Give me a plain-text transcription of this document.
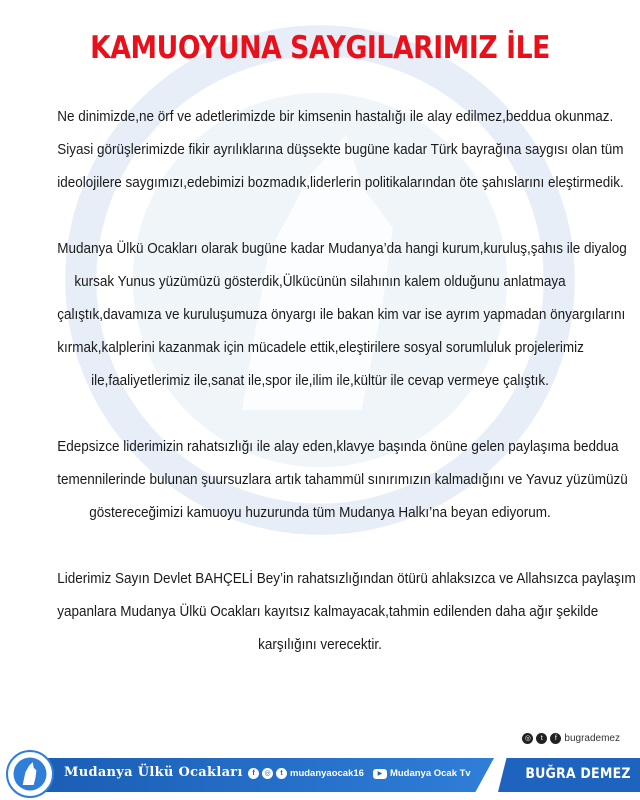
KAMUOYUNA SAYGILARIMIZ İLE

Ne dinimizde,ne örf ve adetlerimizde bir kimsenin hastalığı ile alay edilmez,beddua okunmaz.
Siyasi görüşlerimizde fikir ayrılıklarına düşsekte bugüne kadar Türk bayrağına saygısı olan tüm
ideolojilere saygımızı,edebimizi bozmadık,liderlerin politikalarından öte şahıslarını eleştirmedik.

Mudanya Ülkü Ocakları olarak bugüne kadar Mudanya’da hangi kurum,kuruluş,şahıs ile diyalog
kursak Yunus yüzümüzü gösterdik,Ülkücünün silahının kalem olduğunu anlatmaya
çalıştık,davamıza ve kuruluşumuza önyargı ile bakan kim var ise ayrım yapmadan önyargılarını
kırmak,kalplerini kazanmak için mücadele ettik,eleştirilere sosyal sorumluluk projelerimiz
ile,faaliyetlerimiz ile,sanat ile,spor ile,ilim ile,kültür ile cevap vermeye çalıştık.

Edepsizce liderimizin rahatsızlığı ile alay eden,klavye başında önüne gelen paylaşıma beddua
temennilerinde bulunan şuursuzlara artık tahammül sınırımızın kalmadığını ve Yavuz yüzümüzü
göstereceğimizi kamuoyu huzurunda tüm Mudanya Halkı’na beyan ediyorum.

Liderimiz Sayın Devlet BAHÇELİ Bey’in rahatsızlığından ötürü ahlaksızca ve Allahsızca paylaşım
yapanlara Mudanya Ülkü Ocakları kayıtsız kalmayacak,tahmin edilenden daha ağır şekilde
karşılığını verecektir.

◎	t	f bugrademez
Mudanya Ülkü Ocakları	f	◎	t mudanyaocak16	▶ Mudanya Ocak Tv	BUĞRA DEMEZ
